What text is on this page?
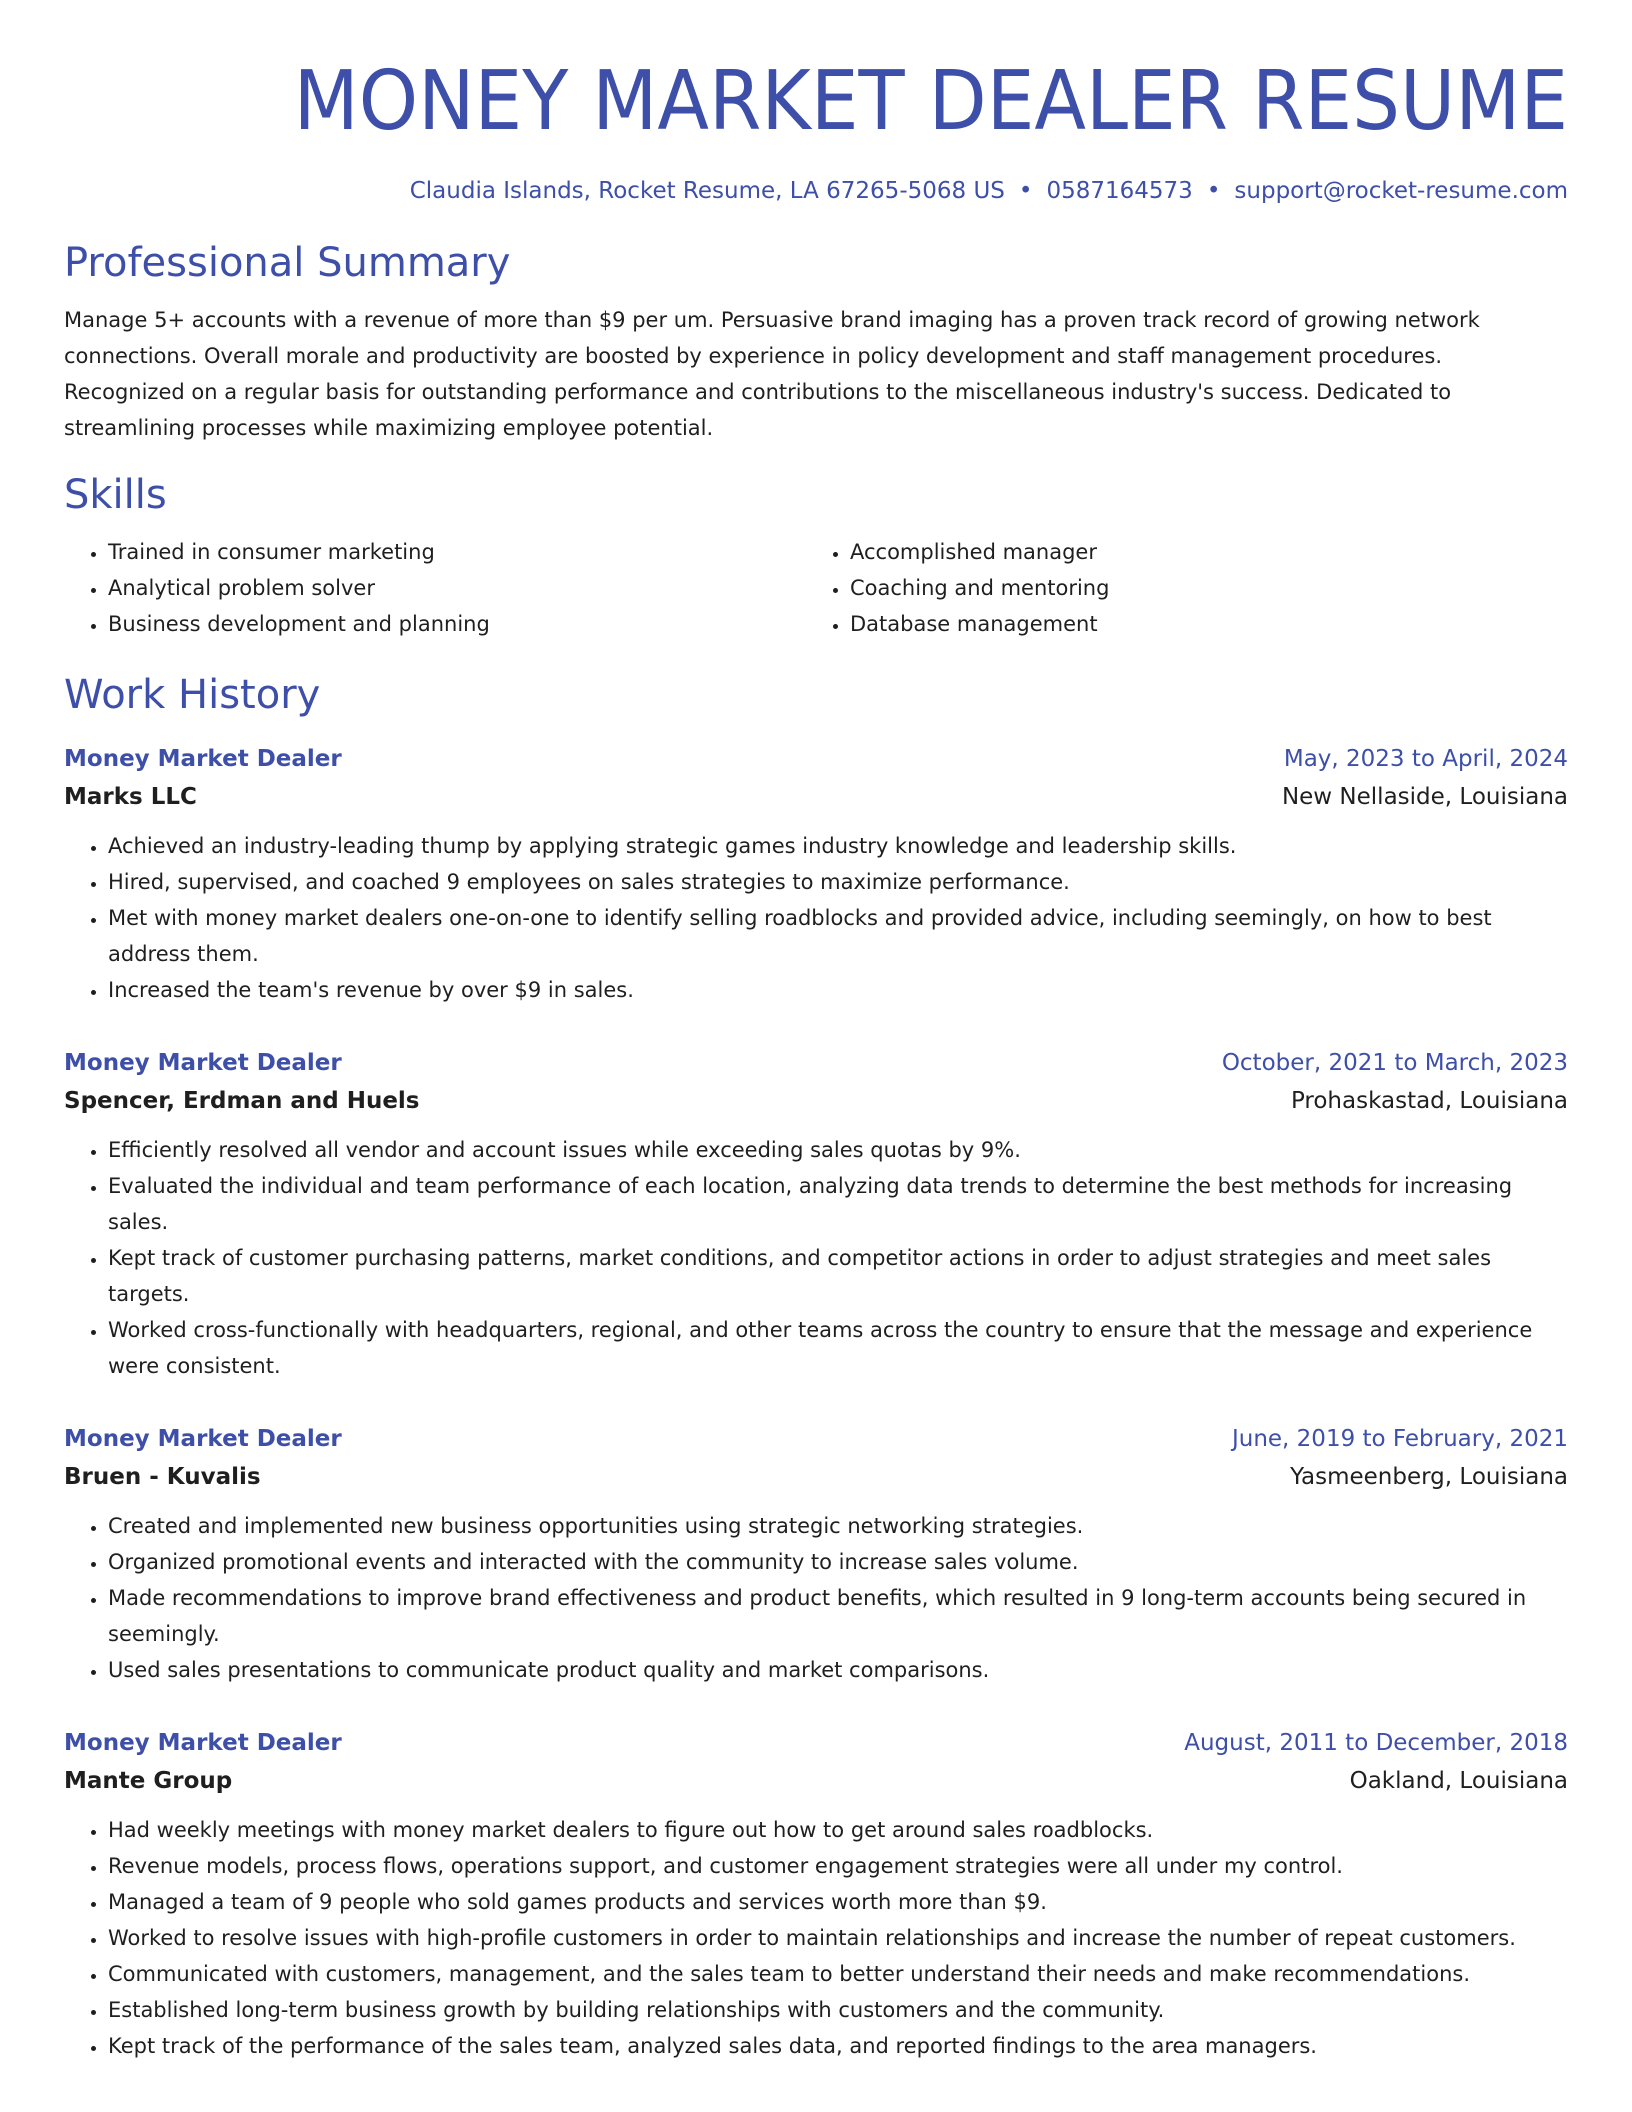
MONEY MARKET DEALER RESUME
Claudia Islands, Rocket Resume, LA 67265-5068 US • 0587164573 • support@rocket-resume.com
Professional Summary

Manage 5+ accounts with a revenue of more than $9 per um. Persuasive brand imaging has a proven track record of growing network connections. Overall morale and productivity are boosted by experience in policy development and staff management procedures. Recognized on a regular basis for outstanding performance and contributions to the miscellaneous industry's success. Dedicated to streamlining processes while maximizing employee potential.

Skills
• Trained in consumer marketing
• Analytical problem solver
• Business development and planning
• Accomplished manager
• Coaching and mentoring
• Database management
Work History
Money Market Dealer	May, 2023 to April, 2024
Marks LLC	New Nellaside, Louisiana
• Achieved an industry-leading thump by applying strategic games industry knowledge and leadership skills.
• Hired, supervised, and coached 9 employees on sales strategies to maximize performance.
• Met with money market dealers one-on-one to identify selling roadblocks and provided advice, including seemingly, on how to best address them.
• Increased the team's revenue by over $9 in sales.
Money Market Dealer	October, 2021 to March, 2023
Spencer, Erdman and Huels	Prohaskastad, Louisiana
• Efficiently resolved all vendor and account issues while exceeding sales quotas by 9%.
• Evaluated the individual and team performance of each location, analyzing data trends to determine the best methods for increasing sales.
• Kept track of customer purchasing patterns, market conditions, and competitor actions in order to adjust strategies and meet sales targets.
• Worked cross-functionally with headquarters, regional, and other teams across the country to ensure that the message and experience were consistent.
Money Market Dealer	June, 2019 to February, 2021
Bruen - Kuvalis	Yasmeenberg, Louisiana
• Created and implemented new business opportunities using strategic networking strategies.
• Organized promotional events and interacted with the community to increase sales volume.
• Made recommendations to improve brand effectiveness and product benefits, which resulted in 9 long-term accounts being secured in seemingly.
• Used sales presentations to communicate product quality and market comparisons.
Money Market Dealer	August, 2011 to December, 2018
Mante Group	Oakland, Louisiana
• Had weekly meetings with money market dealers to figure out how to get around sales roadblocks.
• Revenue models, process flows, operations support, and customer engagement strategies were all under my control.
• Managed a team of 9 people who sold games products and services worth more than $9.
• Worked to resolve issues with high-profile customers in order to maintain relationships and increase the number of repeat customers.
• Communicated with customers, management, and the sales team to better understand their needs and make recommendations.
• Established long-term business growth by building relationships with customers and the community.
• Kept track of the performance of the sales team, analyzed sales data, and reported findings to the area managers.
